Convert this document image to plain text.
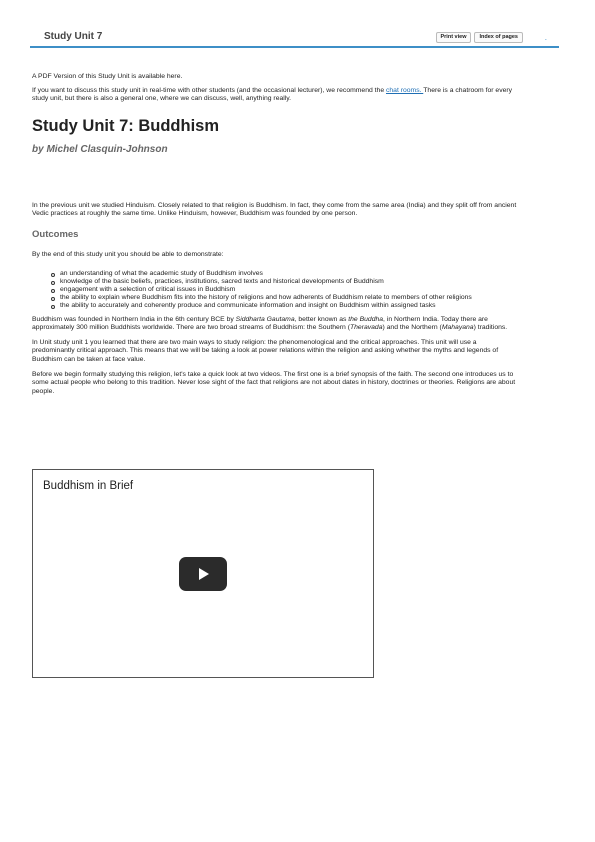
Study Unit 7	Print view	Index of pages	.

A PDF Version of this Study Unit is available here.

If you want to discuss this study unit in real-time with other students (and the occasional lecturer), we recommend the chat rooms. There is a chatroom for every study unit, but there is also a general one, where we can discuss, well, anything really.

Study Unit 7: Buddhism
by Michel Clasquin-Johnson

In the previous unit we studied Hinduism. Closely related to that religion is Buddhism. In fact, they come from the same area (India) and they split off from ancient Vedic practices at roughly the same time. Unlike Hinduism, however, Buddhism was founded by one person.

Outcomes

By the end of this study unit you should be able to demonstrate:

an understanding of what the academic study of Buddhism involves
knowledge of the basic beliefs, practices, institutions, sacred texts and historical developments of Buddhism
engagement with a selection of critical issues in Buddhism
the ability to explain where Buddhism fits into the history of religions and how adherents of Buddhism relate to members of other religions
the ability to accurately and coherently produce and communicate information and insight on Buddhism within assigned tasks

Buddhism was founded in Northern India in the 6th century BCE by Siddharta Gautama, better known as the Buddha, in Northern India. Today there are approximately 300 million Buddhists worldwide. There are two broad streams of Buddhism: the Southern (Theravada) and the Northern (Mahayana) traditions.

In Unit study unit 1 you learned that there are two main ways to study religion: the phenomenological and the critical approaches. This unit will use a predominantly critical approach. This means that we will be taking a look at power relations within the religion and asking whether the myths and legends of Buddhism can be taken at face value.

Before we begin formally studying this religion, let's take a quick look at two videos. The first one is a brief synopsis of the faith. The second one introduces us to some actual people who belong to this tradition. Never lose sight of the fact that religions are not about dates in history, doctrines or theories. Religions are about people.

Buddhism in Brief
